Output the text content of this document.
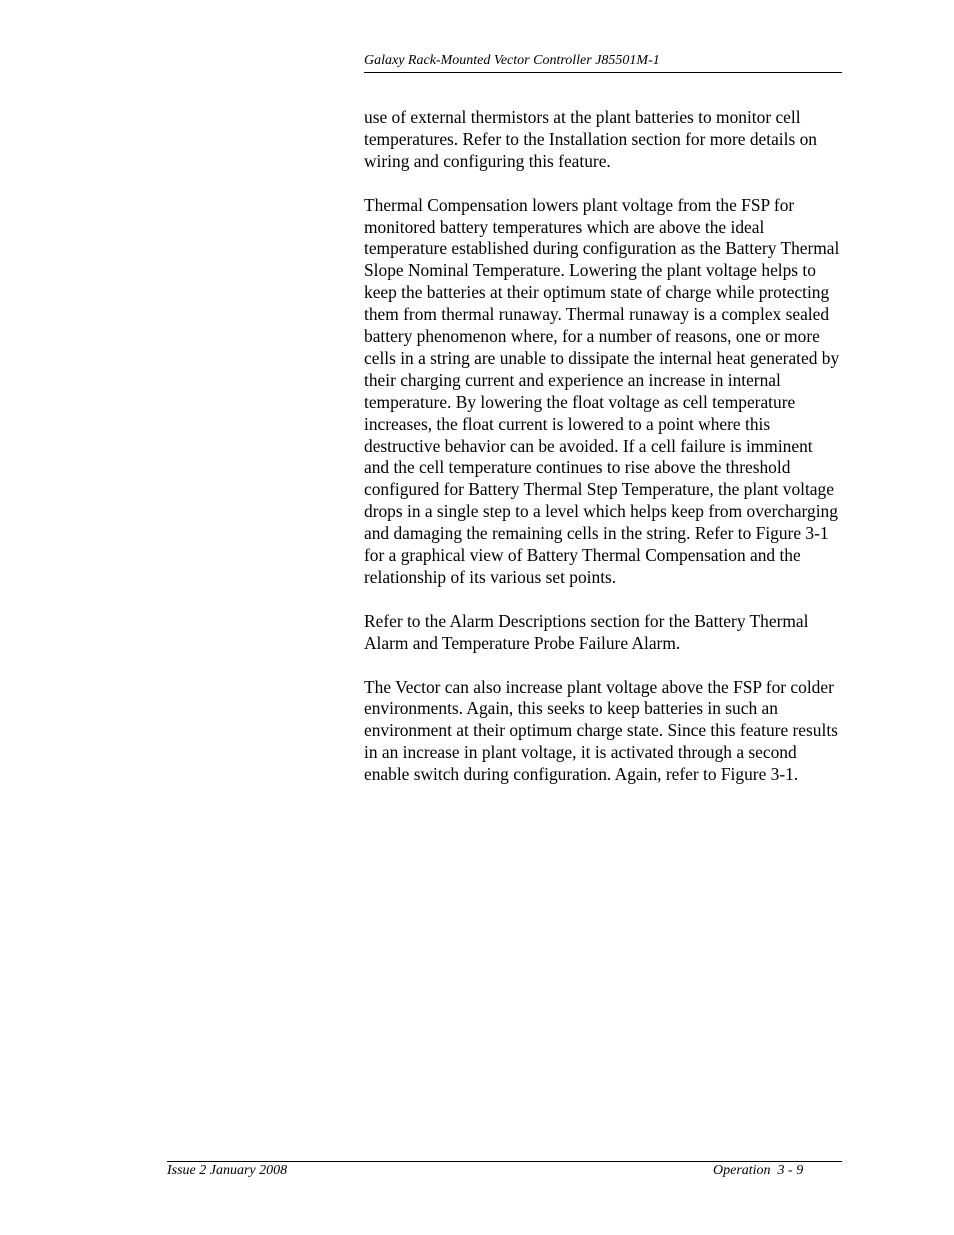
Galaxy Rack-Mounted Vector Controller J85501M-1

use of external thermistors at the plant batteries to monitor cell temperatures. Refer to the Installation section for more details on wiring and configuring this feature.

Thermal Compensation lowers plant voltage from the FSP for monitored battery temperatures which are above the ideal temperature established during configuration as the Battery Thermal Slope Nominal Temperature. Lowering the plant voltage helps to keep the batteries at their optimum state of charge while protecting them from thermal runaway. Thermal runaway is a complex sealed battery phenomenon where, for a number of reasons, one or more cells in a string are unable to dissipate the internal heat generated by their charging current and experience an increase in internal temperature. By lowering the float voltage as cell temperature increases, the float current is lowered to a point where this destructive behavior can be avoided. If a cell failure is imminent and the cell temperature continues to rise above the threshold configured for Battery Thermal Step Temperature, the plant voltage drops in a single step to a level which helps keep from overcharging and damaging the remaining cells in the string. Refer to Figure 3-1 for a graphical view of Battery Thermal Compensation and the relationship of its various set points.

Refer to the Alarm Descriptions section for the Battery Thermal Alarm and Temperature Probe Failure Alarm.

The Vector can also increase plant voltage above the FSP for colder environments. Again, this seeks to keep batteries in such an environment at their optimum charge state. Since this feature results in an increase in plant voltage, it is activated through a second enable switch during configuration. Again, refer to Figure 3-1.

Issue 2 January 2008	Operation  3 - 9
